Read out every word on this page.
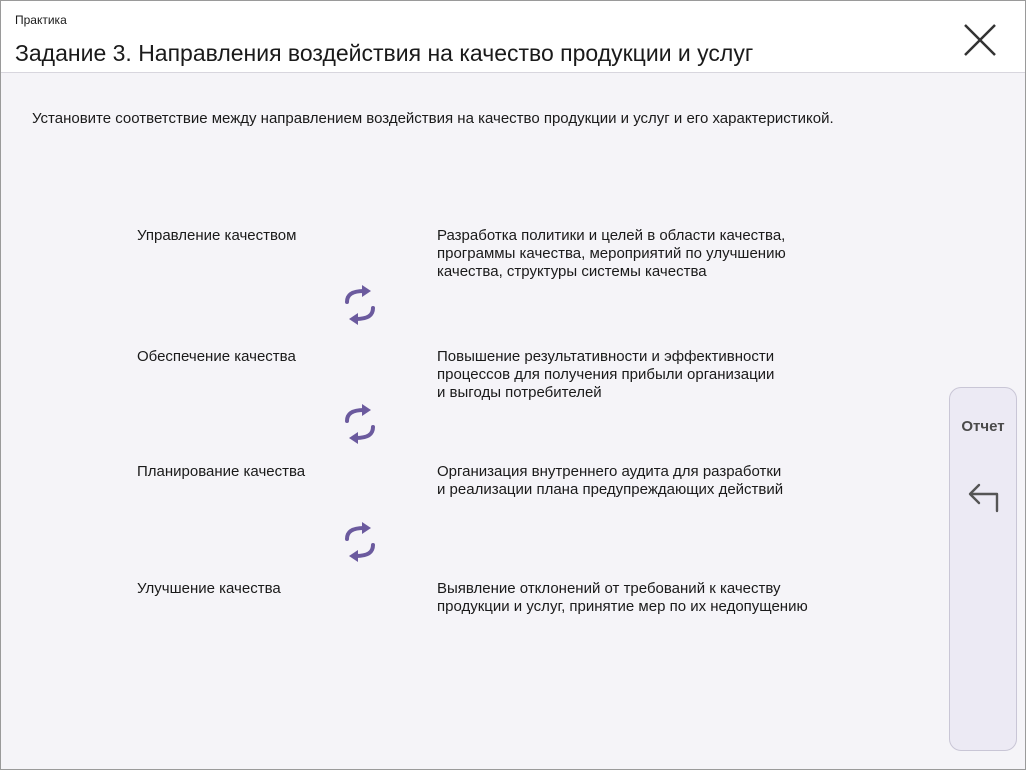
Практика
Задание 3. Направления воздействия на качество продукции и услуг
Установите соответствие между направлением воздействия на качество продукции и услуг и его характеристикой.
Управление качеством
Обеспечение качества
Планирование качества
Улучшение качества
Разработка политики и целей в области качества,
программы качества, мероприятий по улучшению
качества, структуры системы качества
Повышение результативности и эффективности
процессов для получения прибыли организации
и выгоды потребителей
Организация внутреннего аудита для разработки
и реализации плана предупреждающих действий
Выявление отклонений от требований к качеству
продукции и услуг, принятие мер по их недопущению
Отчет
